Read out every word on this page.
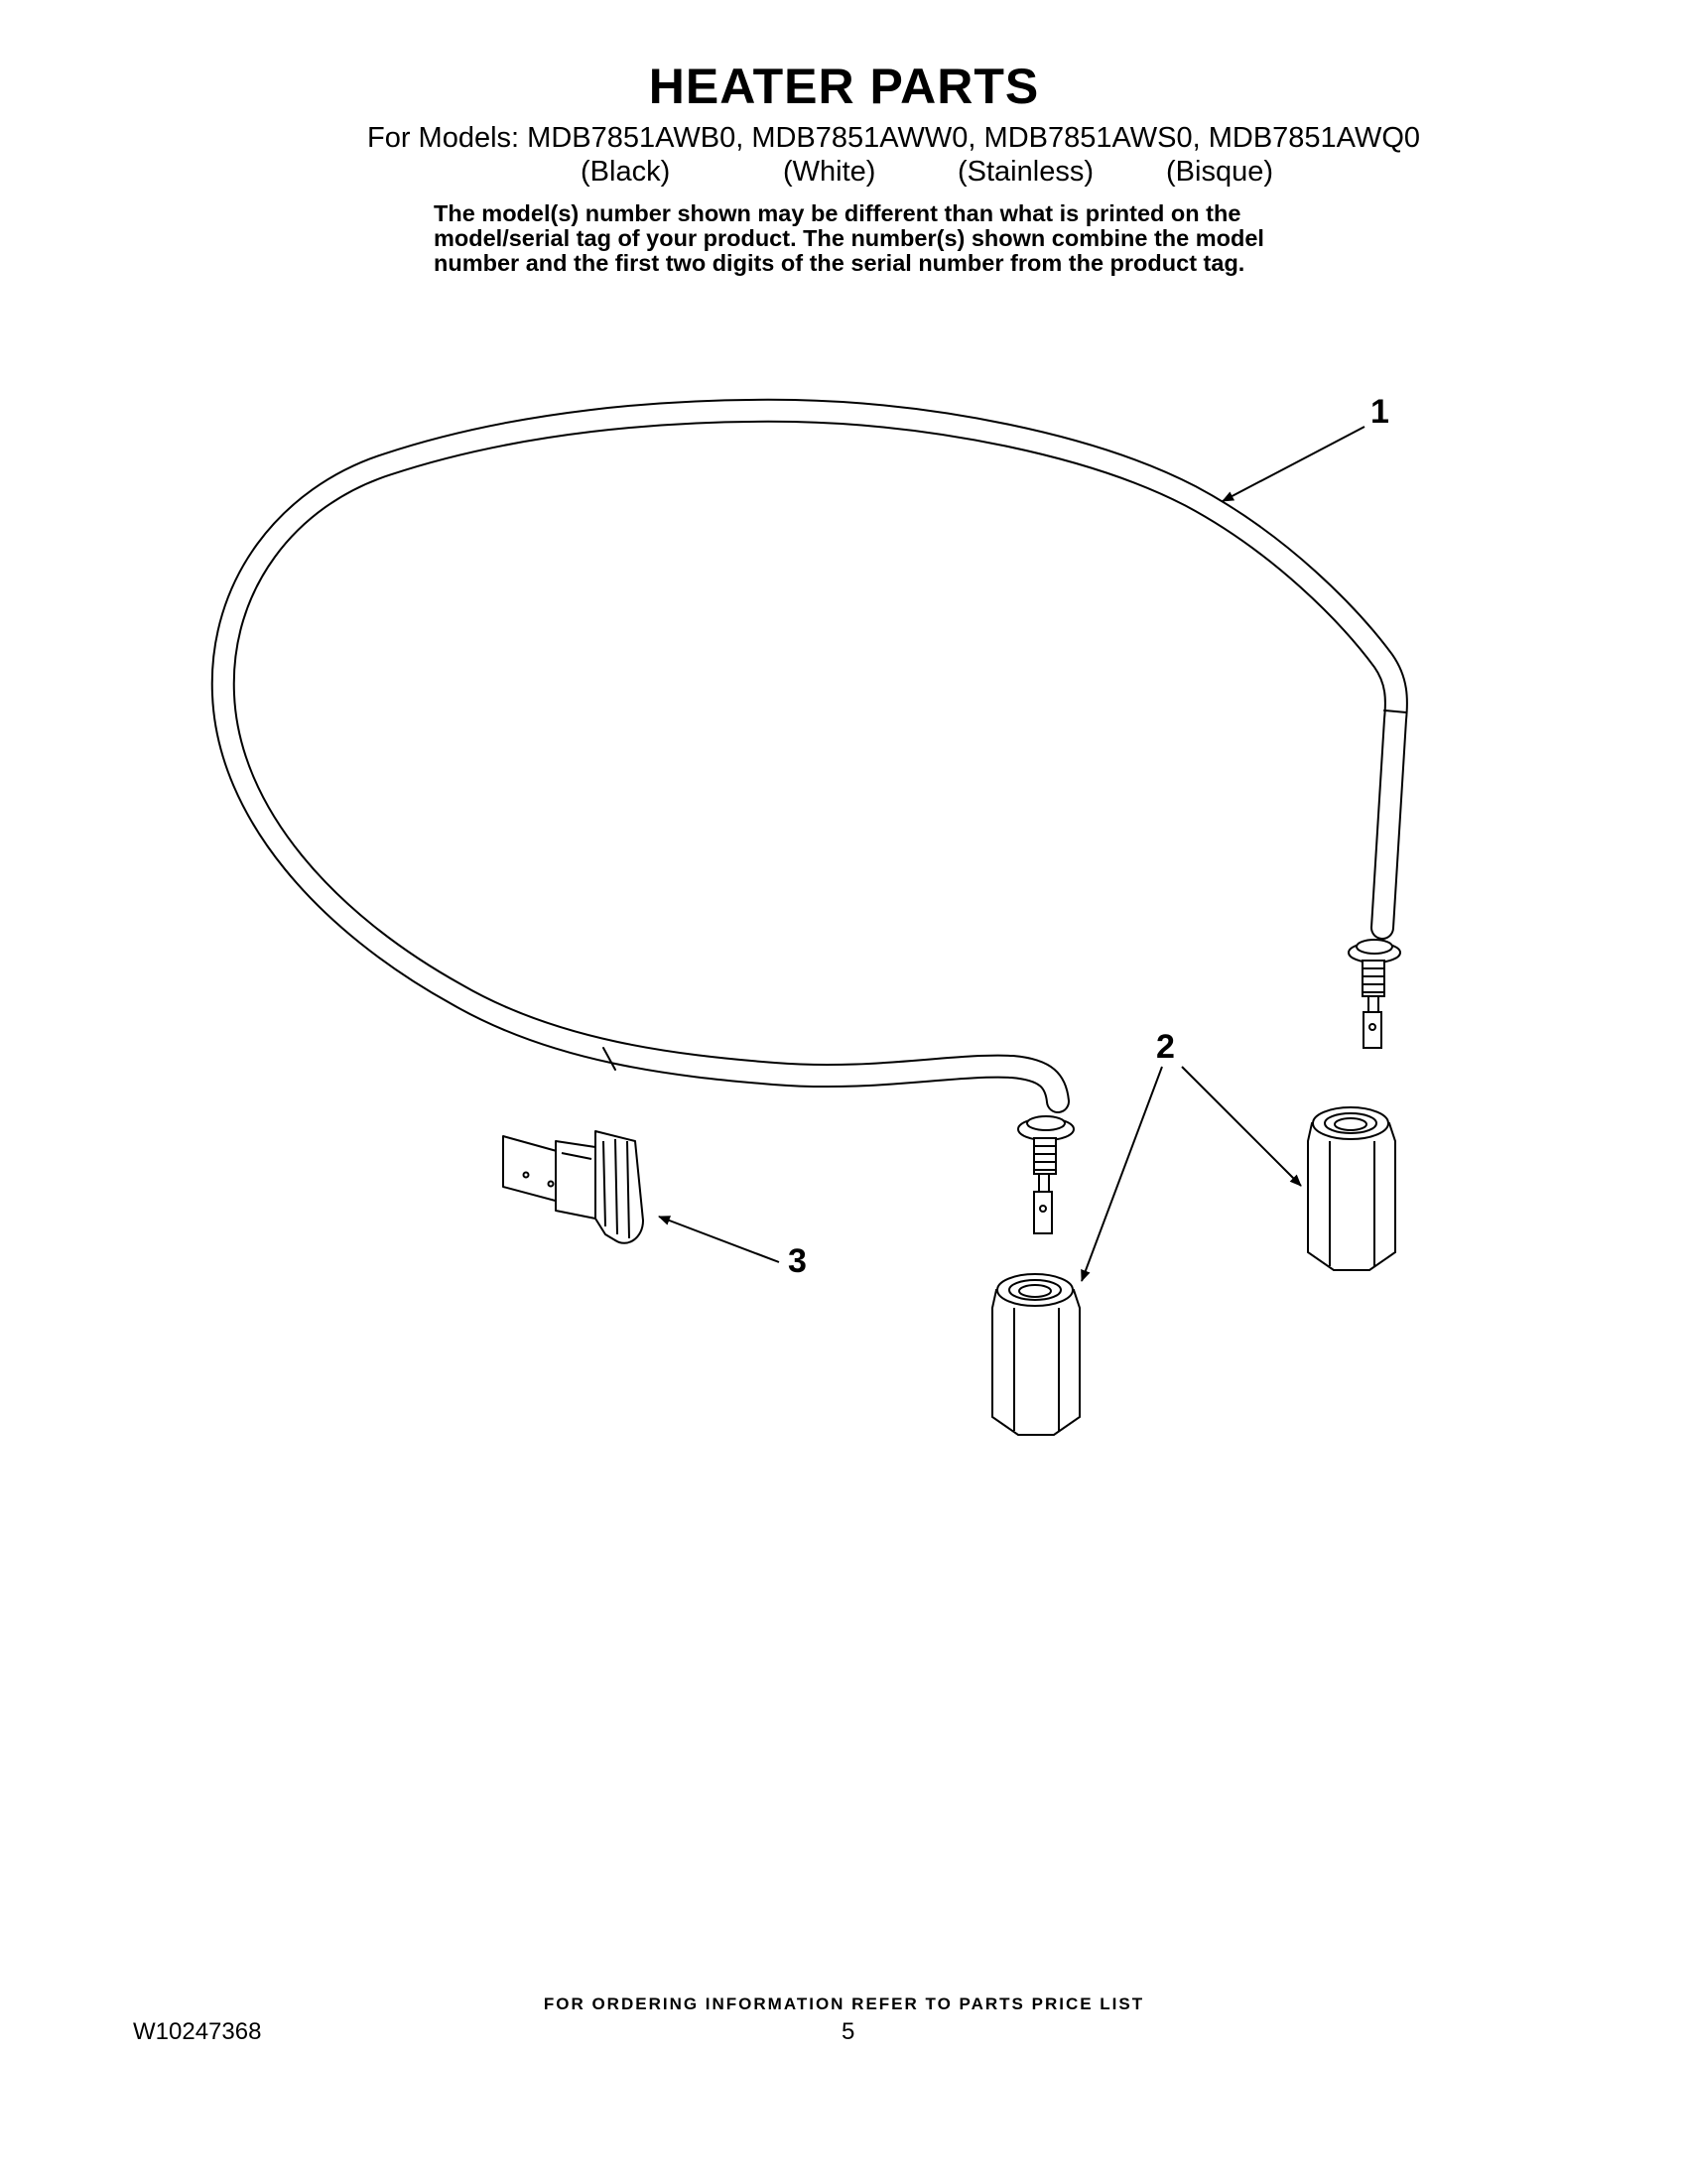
HEATER PARTS
For Models: MDB7851AWB0, MDB7851AWW0, MDB7851AWS0, MDB7851AWQ0
(Black)	(White)	(Stainless)	(Bisque)
The model(s) number shown may be different than what is printed on the
model/serial tag of your product. The number(s) shown combine the model
number and the first two digits of the serial number from the product tag.
1
2
3
FOR ORDERING INFORMATION REFER TO PARTS PRICE LIST
W10247368	5
